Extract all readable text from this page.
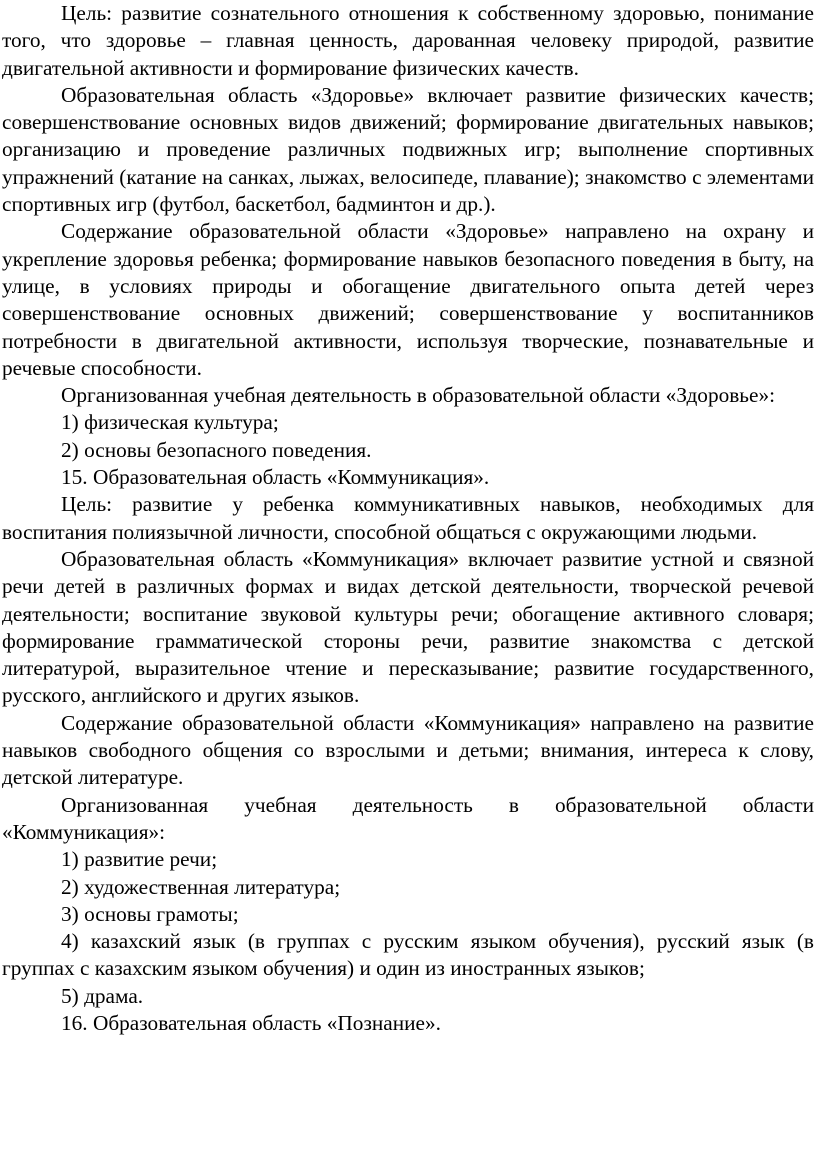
Цель: развитие сознательного отношения к собственному здоровью, понимание того, что здоровье – главная ценность, дарованная человеку природой, развитие двигательной активности и формирование физических качеств.

Образовательная область «Здоровье» включает развитие физических качеств; совершенствование основных видов движений; формирование двигательных навыков; организацию и проведение различных подвижных игр; выполнение спортивных упражнений (катание на санках, лыжах, велосипеде, плавание); знакомство с элементами спортивных игр (футбол, баскетбол, бадминтон и др.).

Содержание образовательной области «Здоровье» направлено на охрану и укрепление здоровья ребенка; формирование навыков безопасного поведения в быту, на улице, в условиях природы и обогащение двигательного опыта детей через совершенствование основных движений; совершенствование у воспитанников потребности в двигательной активности, используя творческие, познавательные и речевые способности.

Организованная учебная деятельность в образовательной области «Здоровье»:

1) физическая культура;

2) основы безопасного поведения.

15. Образовательная область «Коммуникация».

Цель: развитие у ребенка коммуникативных навыков, необходимых для воспитания полиязычной личности, способной общаться с окружающими людьми.

Образовательная область «Коммуникация» включает развитие устной и связной речи детей в различных формах и видах детской деятельности, творческой речевой деятельности; воспитание звуковой культуры речи; обогащение активного словаря; формирование грамматической стороны речи, развитие знакомства с детской литературой, выразительное чтение и пересказывание; развитие государственного, русского, английского и других языков.

Содержание образовательной области «Коммуникация» направлено на развитие навыков свободного общения со взрослыми и детьми; внимания, интереса к слову, детской литературе.

Организованная учебная деятельность в образовательной области «Коммуникация»:

1) развитие речи;

2) художественная литература;

3) основы грамоты;

4) казахский язык (в группах с русским языком обучения), русский язык (в группах с казахским языком обучения) и один из иностранных языков;

5) драма.

16. Образовательная область «Познание».
